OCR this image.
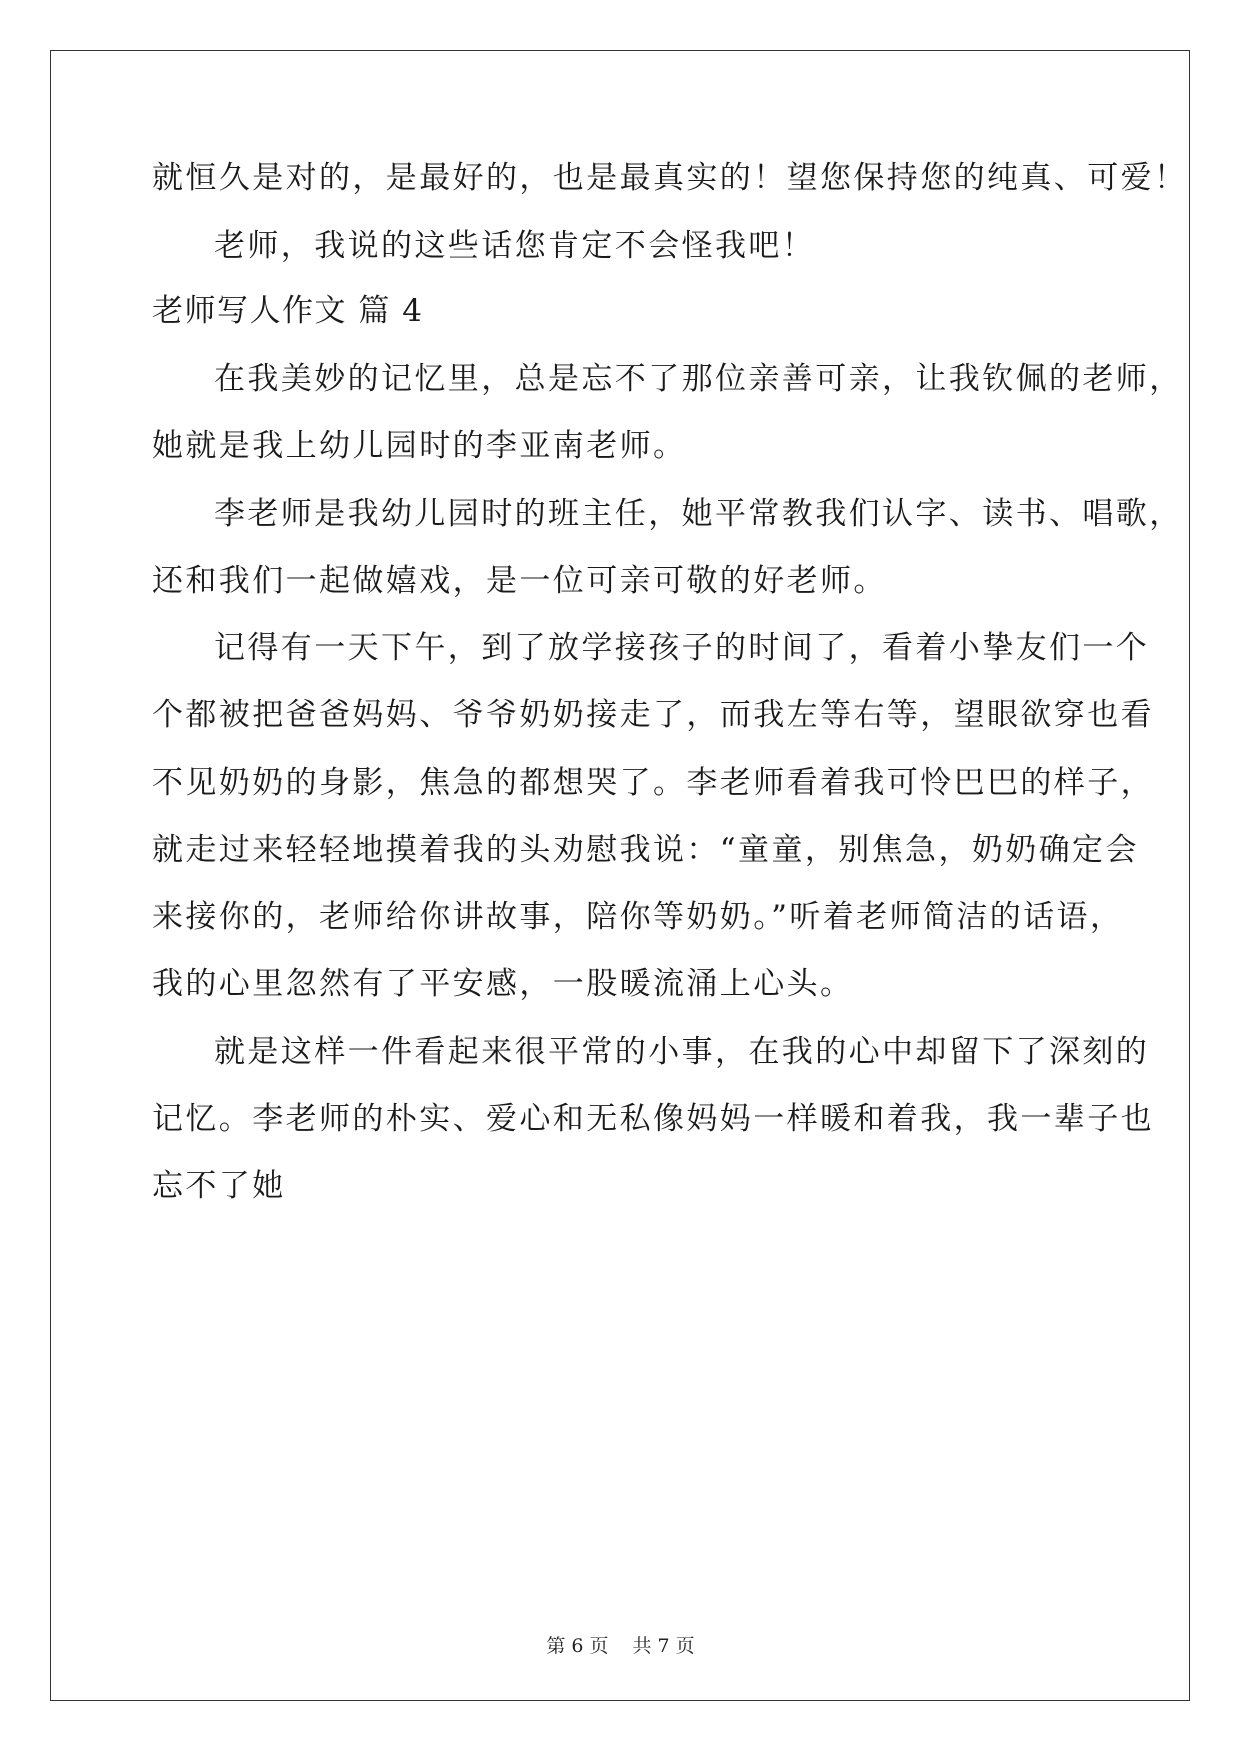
就恒久是对的，是最好的，也是最真实的！望您保持您的纯真、可爱！
老师，我说的这些话您肯定不会怪我吧！
老师写人作文 篇 4
在我美妙的记忆里，总是忘不了那位亲善可亲，让我钦佩的老师，
她就是我上幼儿园时的李亚南老师。
李老师是我幼儿园时的班主任，她平常教我们认字、读书、唱歌，
还和我们一起做嬉戏，是一位可亲可敬的好老师。
记得有一天下午，到了放学接孩子的时间了，看着小挚友们一个
个都被把爸爸妈妈、爷爷奶奶接走了，而我左等右等，望眼欲穿也看
不见奶奶的身影，焦急的都想哭了。李老师看着我可怜巴巴的样子，
就走过来轻轻地摸着我的头劝慰我说：“童童，别焦急，奶奶确定会
来接你的，老师给你讲故事，陪你等奶奶。”听着老师简洁的话语，
我的心里忽然有了平安感，一股暖流涌上心头。
就是这样一件看起来很平常的小事，在我的心中却留下了深刻的
记忆。李老师的朴实、爱心和无私像妈妈一样暖和着我，我一辈子也
忘不了她
第 6 页 共 7 页
